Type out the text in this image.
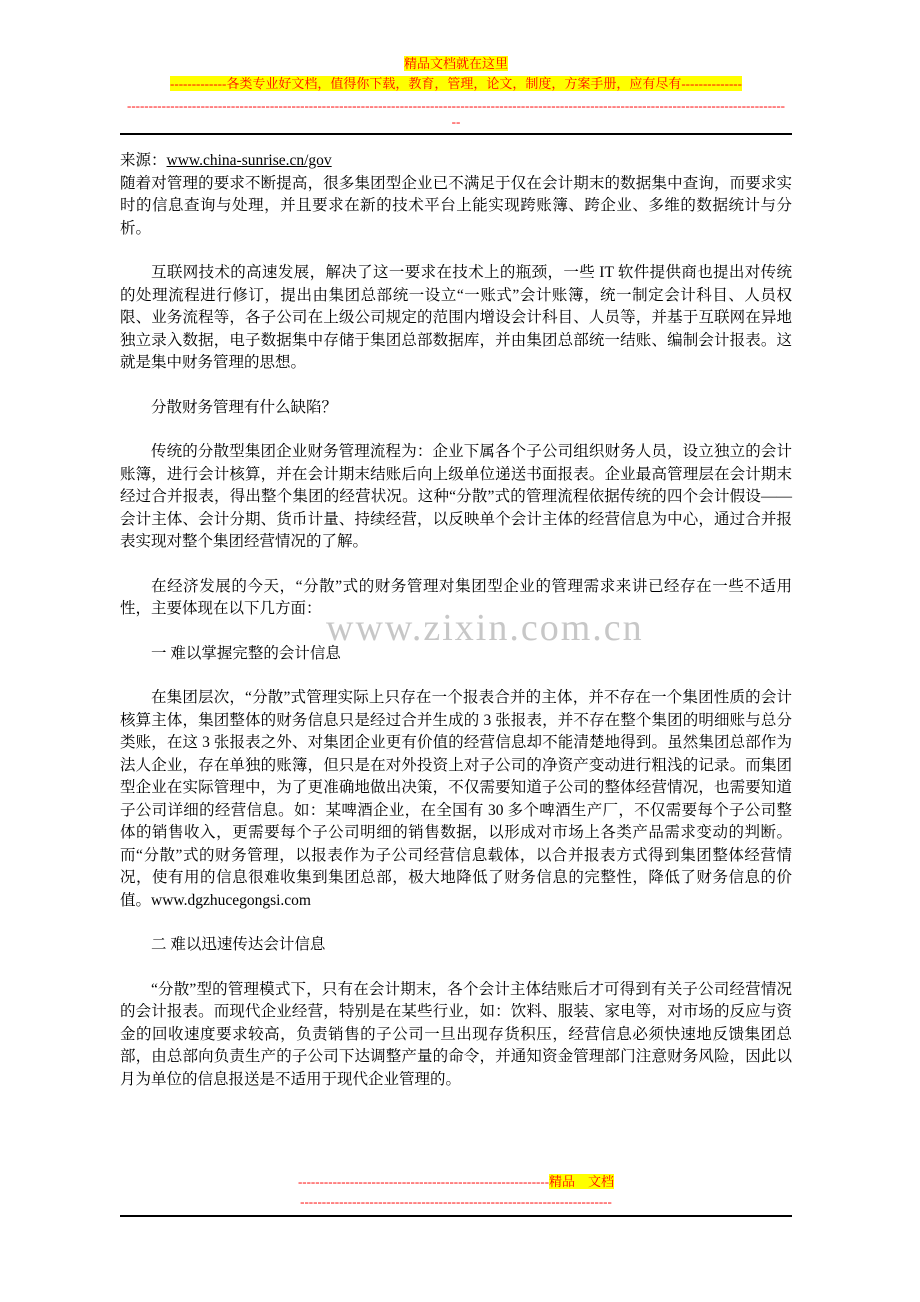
精品文档就在这里
-------------各类专业好文档，值得你下载，教育，管理，论文，制度，方案手册，应有尽有--------------
--------------------------------------------------------------------------------------------------------------------------------------------------------
--

来源：www.china-sunrise.cn/gov

随着对管理的要求不断提高，很多集团型企业已不满足于仅在会计期末的数据集中查询，而要求实时的信息查询与处理，并且要求在新的技术平台上能实现跨账簿、跨企业、多维的数据统计与分析。

互联网技术的高速发展，解决了这一要求在技术上的瓶颈，一些 IT 软件提供商也提出对传统的处理流程进行修订，提出由集团总部统一设立“一账式”会计账簿，统一制定会计科目、人员权限、业务流程等，各子公司在上级公司规定的范围内增设会计科目、人员等，并基于互联网在异地独立录入数据，电子数据集中存储于集团总部数据库，并由集团总部统一结账、编制会计报表。这就是集中财务管理的思想。

分散财务管理有什么缺陷？

传统的分散型集团企业财务管理流程为：企业下属各个子公司组织财务人员，设立独立的会计账簿，进行会计核算，并在会计期末结账后向上级单位递送书面报表。企业最高管理层在会计期末经过合并报表，得出整个集团的经营状况。这种“分散”式的管理流程依据传统的四个会计假设——会计主体、会计分期、货币计量、持续经营，以反映单个会计主体的经营信息为中心，通过合并报表实现对整个集团经营情况的了解。

在经济发展的今天，“分散”式的财务管理对集团型企业的管理需求来讲已经存在一些不适用性，主要体现在以下几方面：

一 难以掌握完整的会计信息

在集团层次，“分散”式管理实际上只存在一个报表合并的主体，并不存在一个集团性质的会计核算主体，集团整体的财务信息只是经过合并生成的 3 张报表，并不存在整个集团的明细账与总分类账，在这 3 张报表之外、对集团企业更有价值的经营信息却不能清楚地得到。虽然集团总部作为法人企业，存在单独的账簿，但只是在对外投资上对子公司的净资产变动进行粗浅的记录。而集团型企业在实际管理中，为了更准确地做出决策，不仅需要知道子公司的整体经营情况，也需要知道子公司详细的经营信息。如：某啤酒企业，在全国有 30 多个啤酒生产厂，不仅需要每个子公司整体的销售收入，更需要每个子公司明细的销售数据，以形成对市场上各类产品需求变动的判断。而“分散”式的财务管理，以报表作为子公司经营信息载体，以合并报表方式得到集团整体经营情况，使有用的信息很难收集到集团总部，极大地降低了财务信息的完整性，降低了财务信息的价值。www.dgzhucegongsi.com

二 难以迅速传达会计信息

“分散”型的管理模式下，只有在会计期末，各个会计主体结账后才可得到有关子公司经营情况的会计报表。而现代企业经营，特别是在某些行业，如：饮料、服装、家电等，对市场的反应与资金的回收速度要求较高，负责销售的子公司一旦出现存货积压，经营信息必须快速地反馈集团总部，由总部向负责生产的子公司下达调整产量的命令，并通知资金管理部门注意财务风险，因此以月为单位的信息报送是不适用于现代企业管理的。

www.zixin.com.cn
----------------------------------------------------------精品　文档
------------------------------------------------------------------------
